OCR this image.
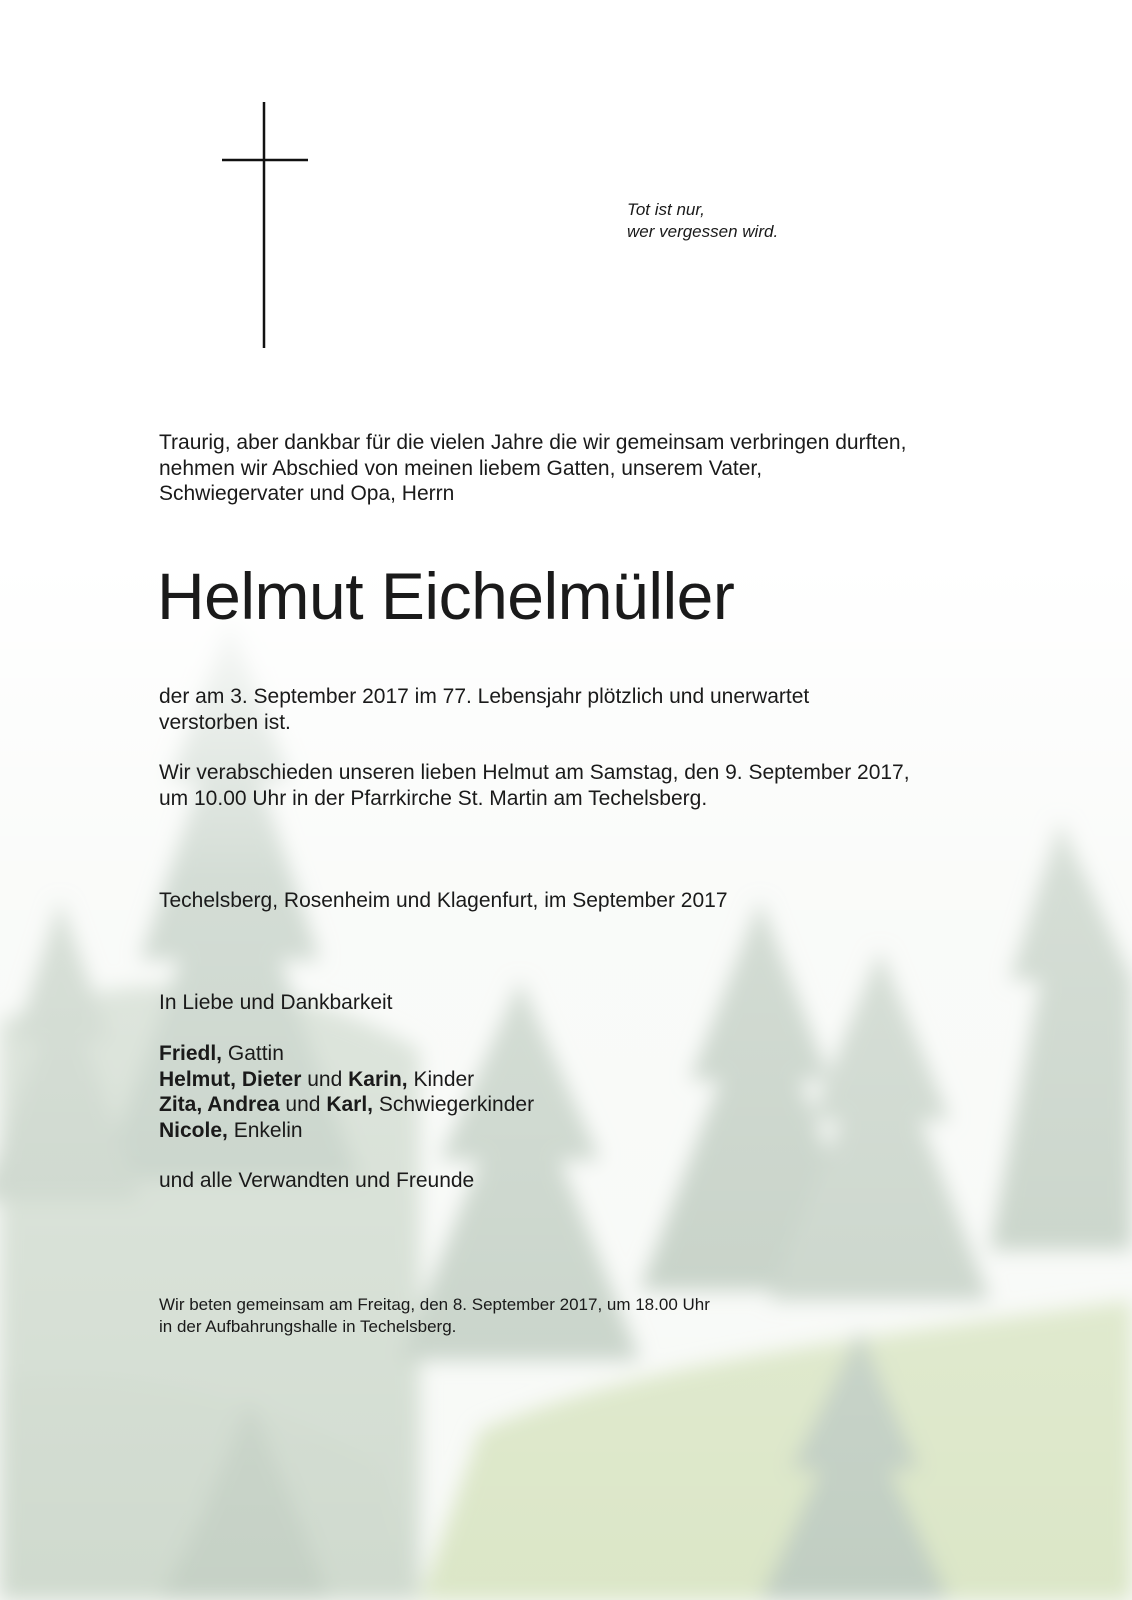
Tot ist nur,
wer vergessen wird.
Traurig, aber dankbar für die vielen Jahre die wir gemeinsam verbringen durften,
nehmen wir Abschied von meinen liebem Gatten, unserem Vater,
Schwiegervater und Opa, Herrn
Helmut Eichelmüller
der am 3. September 2017 im 77. Lebensjahr plötzlich und unerwartet
verstorben ist.
Wir verabschieden unseren lieben Helmut am Samstag, den 9. September 2017,
um 10.00 Uhr in der Pfarrkirche St. Martin am Techelsberg.
Techelsberg, Rosenheim und Klagenfurt, im September 2017
In Liebe und Dankbarkeit
Friedl, Gattin
Helmut, Dieter und Karin, Kinder
Zita, Andrea und Karl, Schwiegerkinder
Nicole, Enkelin
und alle Verwandten und Freunde
Wir beten gemeinsam am Freitag, den 8. September 2017, um 18.00 Uhr
in der Aufbahrungshalle in Techelsberg.
